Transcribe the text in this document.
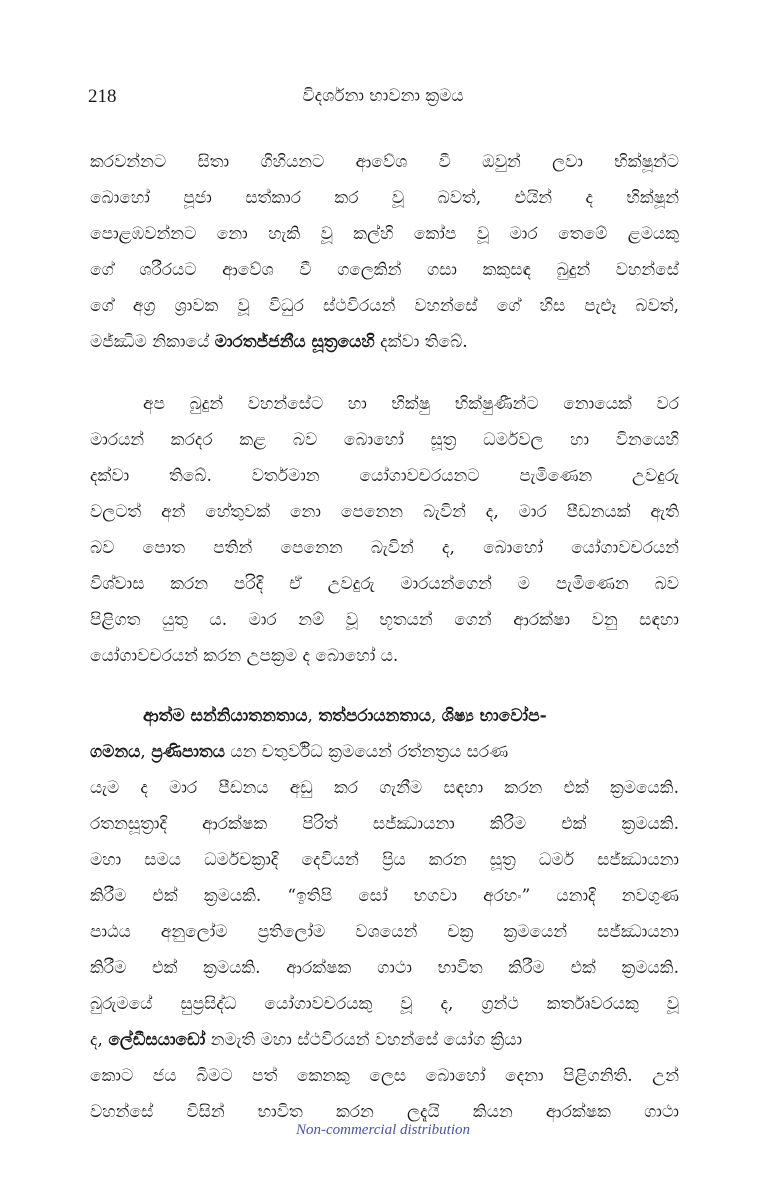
218	විදර්ශනා භාවනා ක්‍රමය
කරවන්නට සිතා ගිහියනට ආවේශ වී ඔවුන් ලවා භික්ෂූන්ට
බොහෝ පූජා සත්කාර කර වූ බවත්, එයින් ද භික්ෂූන්
පොළඹවන්නට නො හැකි වූ කල්හි කෝප වූ මාර තෙමේ ළමයකු
ගේ ශරීරයට ආවේශ වී ගලෙකින් ගසා කකුසඳ බුදුන් වහන්සේ
ගේ අග්‍ර ශ්‍රාවක වූ විධුර ස්ථවිරයන් වහන්සේ ගේ හිස පැළූ බවත්,
මජ්ඣිම නිකායේ මාරතජ්ජනීය සූත්‍රයෙහි දක්වා තිබේ.
අප බුදුන් වහන්සේට හා භික්ෂු භික්ෂුණීන්ට නොයෙක් වර
මාරයන් කරදර කළ බව බොහෝ සූත්‍ර ධර්මවල හා විනයෙහි
දක්වා තිබේ. වර්තමාන යෝගාවචරයනට පැමිණෙන උවදුරු
වලටත් අන් හේතුවක් නො පෙනෙන බැවින් ද, මාර පීඩනයක් ඇති
බව පොත පතින් පෙනෙන බැවින් ද, බොහෝ යෝගාවචරයන්
විශ්වාස කරන පරිදි ඒ උවදුරු මාරයන්ගෙන් ම පැමිණෙන බව
පිළිගත යුතු ය. මාර නම් වූ භූතයන් ගෙන් ආරක්ෂා වනු සඳහා
යෝගාවචරයන් කරන උපක්‍රම ද බොහෝ ය.
ආත්ම සන්නියාතනතාය, තත්පරායනතාය, ශිෂ්‍ය භාවෝප-
ගමනය, ප්‍රණිපාතය යන චතුර්විධ ක්‍රමයෙන් රත්නත්‍රය සරණ
යැම ද මාර පීඩනය අඩු කර ගැනීම සඳහා කරන එක් ක්‍රමයෙකි.
රතනසූත්‍රාදි ආරක්ෂක පිරිත් සජ්ඣායනා කිරීම එක් ක්‍රමයකි.
මහා සමය ධර්මචක්‍රාදි දෙවියන් ප්‍රිය කරන සූත්‍ර ධර්ම සජ්ඣායනා
කිරීම එක් ක්‍රමයකි. “ඉතිපි සෝ භගවා අරහං” යනාදි නවගුණ
පාඨය අනුලෝම ප්‍රතිලෝම වශයෙන් චක්‍ර ක්‍රමයෙන් සජ්ඣායනා
කිරීම එක් ක්‍රමයකි. ආරක්ෂක ගාථා භාවිත කිරීම එක් ක්‍රමයකි.
බුරුමයේ සුප්‍රසිද්ධ යෝගාවචරයකු වූ ද, ග්‍රන්ථ කර්තෘවරයකු වූ
ද, ලේඩීසයාඩෝ නමැති මහා ස්ථවිරයන් වහන්සේ යෝග ක්‍රියා
කොට ජය බිමට පත් කෙනකු ලෙස බොහෝ දෙනා පිළිගනිති. උන්
වහන්සේ විසින් භාවිත කරන ලදැයි කියන ආරක්ෂක ගාථා
Non-commercial distribution
